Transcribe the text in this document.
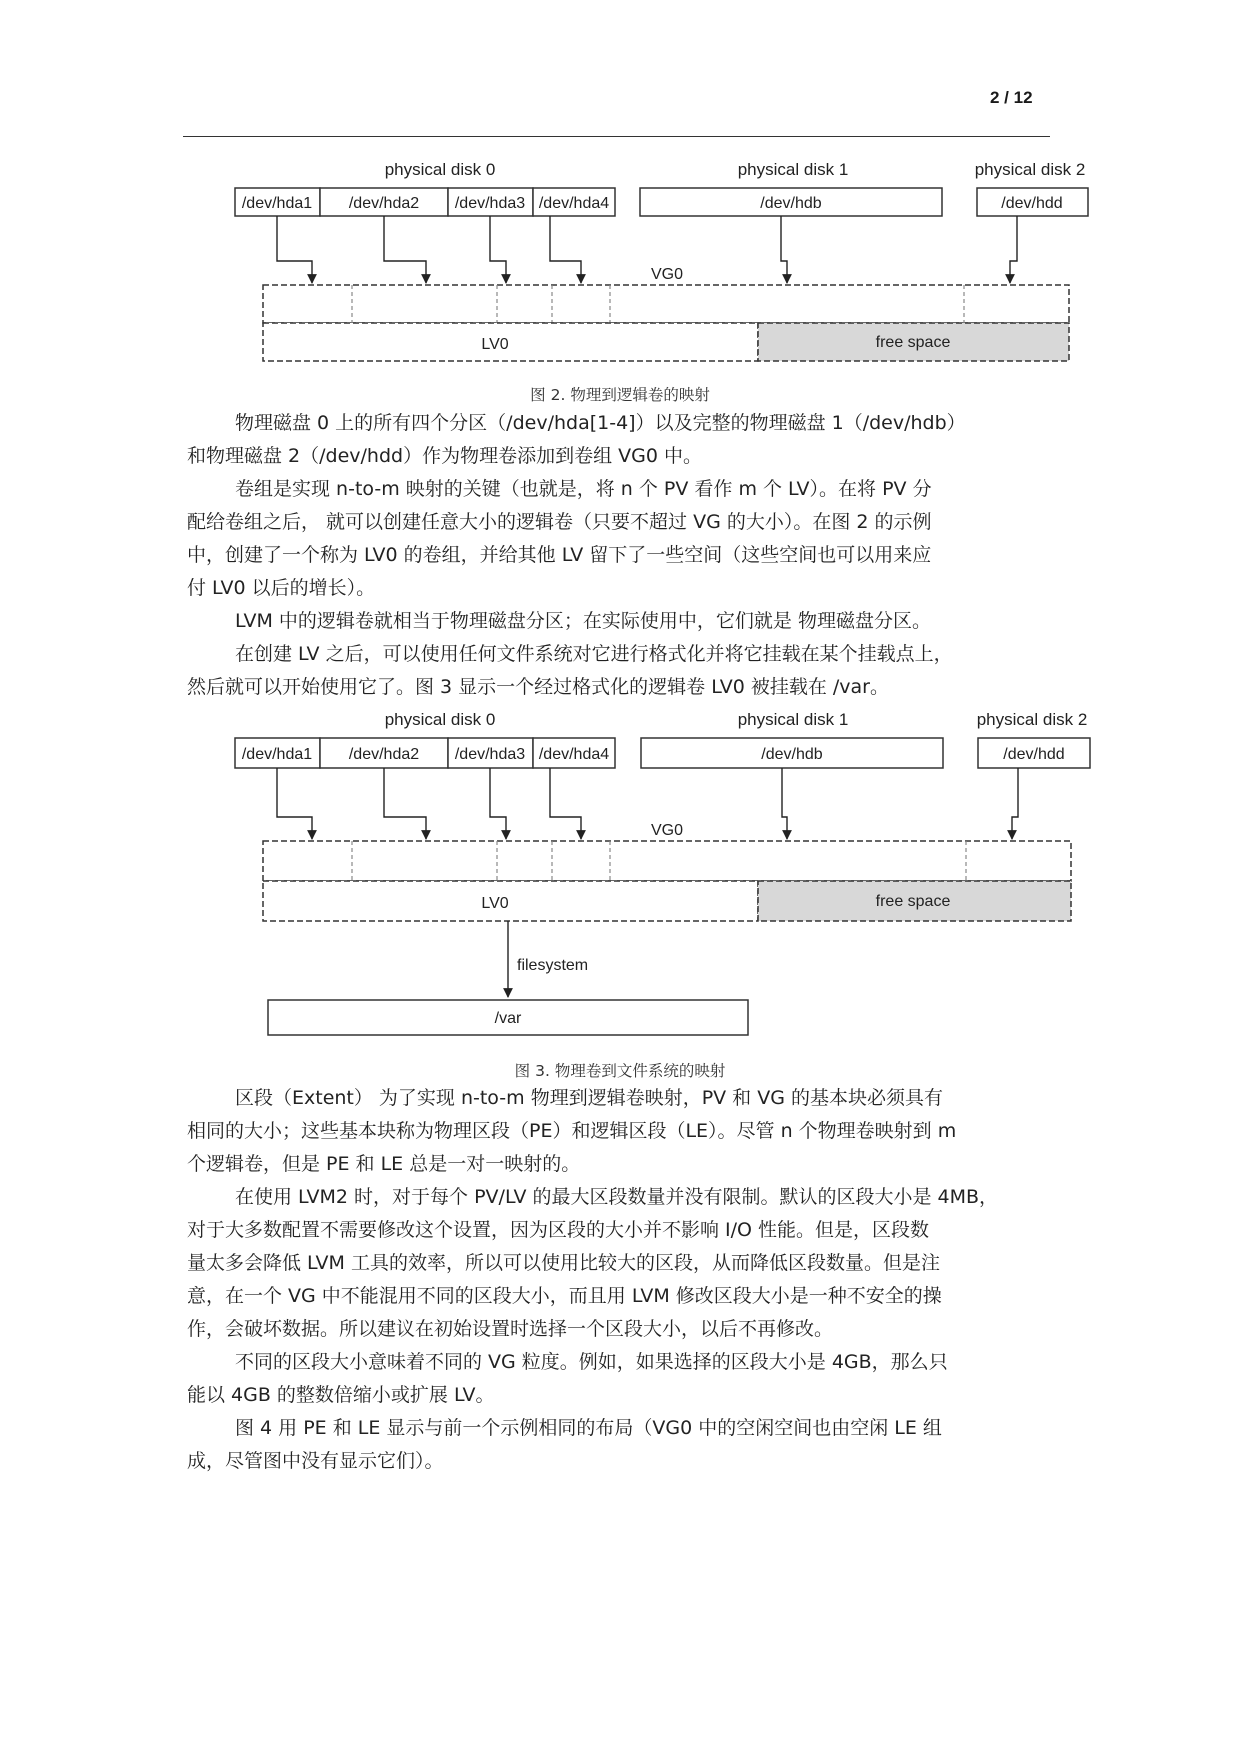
2 / 12
physical disk 0	physical disk 1	physical disk 2
/dev/hda1 /dev/hda2 /dev/hda3 /dev/hda4	/dev/hdb	/dev/hdd
VG0
LV0	free space
图 2. 物理到逻辑卷的映射
物理磁盘 0 上的所有四个分区（/dev/hda[1-4]）以及完整的物理磁盘 1（/dev/hdb）
和物理磁盘 2（/dev/hdd）作为物理卷添加到卷组 VG0 中。
卷组是实现 n-to-m 映射的关键（也就是，将 n 个 PV 看作 m 个 LV）。在将 PV 分
配给卷组之后， 就可以创建任意大小的逻辑卷（只要不超过 VG 的大小）。在图 2 的示例
中，创建了一个称为 LV0 的卷组，并给其他 LV 留下了一些空间（这些空间也可以用来应
付 LV0 以后的增长）。
LVM 中的逻辑卷就相当于物理磁盘分区；在实际使用中，它们就是 物理磁盘分区。
在创建 LV 之后，可以使用任何文件系统对它进行格式化并将它挂载在某个挂载点上，
然后就可以开始使用它了。图 3 显示一个经过格式化的逻辑卷 LV0 被挂载在 /var。
physical disk 0	physical disk 1	physical disk 2
/dev/hda1 /dev/hda2 /dev/hda3 /dev/hda4	/dev/hdb	/dev/hdd
VG0
LV0	free space
filesystem
/var
图 3. 物理卷到文件系统的映射
区段（Extent） 为了实现 n-to-m 物理到逻辑卷映射，PV 和 VG 的基本块必须具有
相同的大小；这些基本块称为物理区段（PE）和逻辑区段（LE）。尽管 n 个物理卷映射到 m
个逻辑卷，但是 PE 和 LE 总是一对一映射的。
在使用 LVM2 时，对于每个 PV/LV 的最大区段数量并没有限制。默认的区段大小是 4MB，
对于大多数配置不需要修改这个设置，因为区段的大小并不影响 I/O 性能。但是，区段数
量太多会降低 LVM 工具的效率，所以可以使用比较大的区段，从而降低区段数量。但是注
意，在一个 VG 中不能混用不同的区段大小，而且用 LVM 修改区段大小是一种不安全的操
作，会破坏数据。所以建议在初始设置时选择一个区段大小，以后不再修改。
不同的区段大小意味着不同的 VG 粒度。例如，如果选择的区段大小是 4GB，那么只
能以 4GB 的整数倍缩小或扩展 LV。
图 4 用 PE 和 LE 显示与前一个示例相同的布局（VG0 中的空闲空间也由空闲 LE 组
成，尽管图中没有显示它们）。
